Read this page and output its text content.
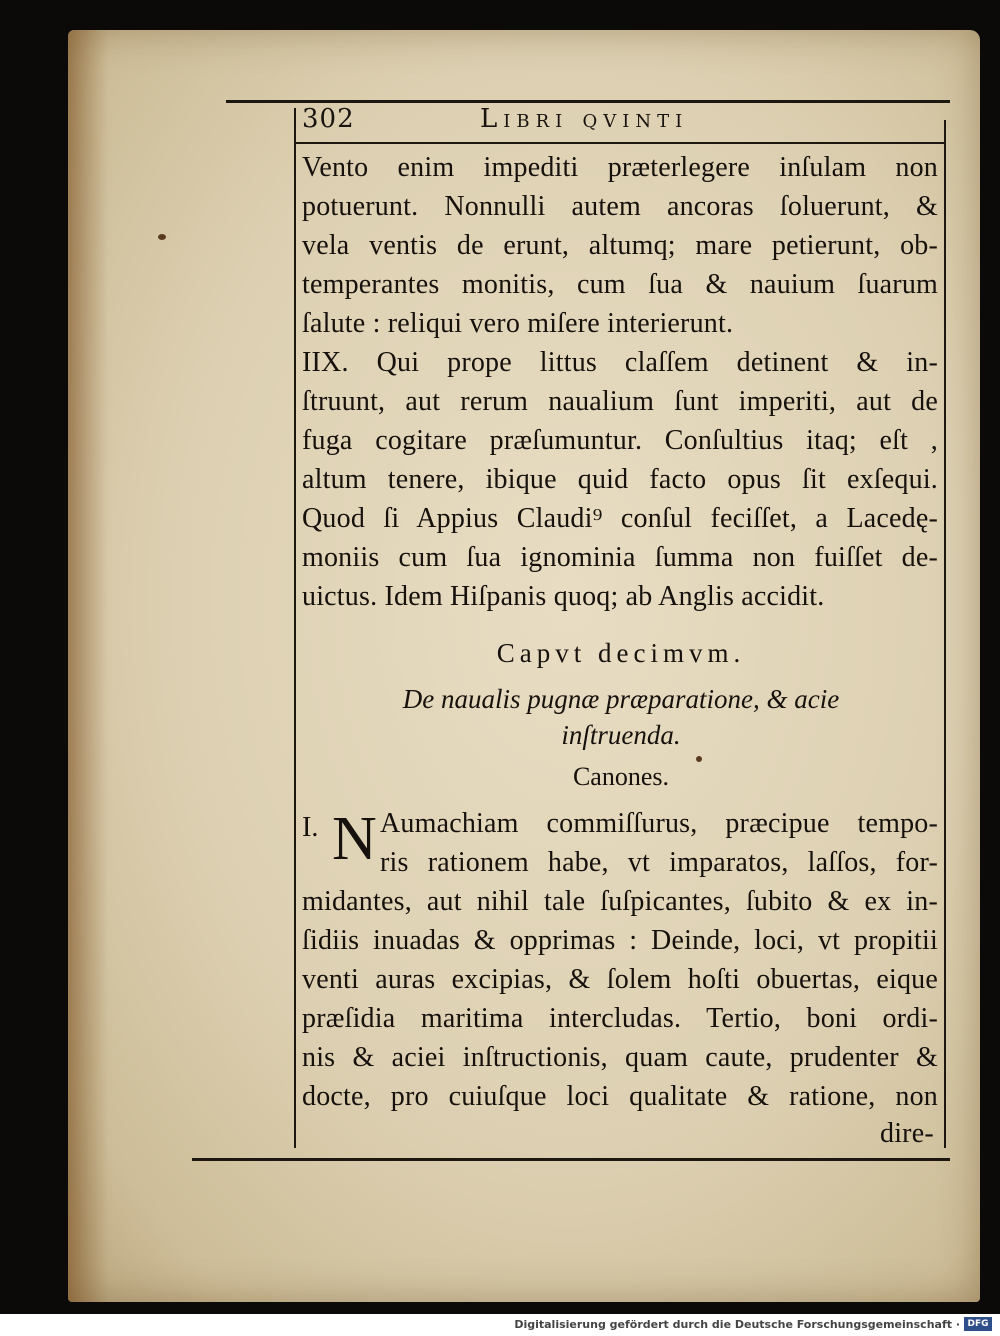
302	Libri qvinti
Vento enim impediti prӕterlegere inſulam non
potuerunt. Nonnulli autem ancoras ſoluerunt, &
vela ventis de erunt, altumq; mare petierunt, ob-
temperantes monitis, cum ſua & nauium ſuarum
ſalute : reliqui vero miſere interierunt.
IIX. Qui prope littus claſſem detinent & in-
ſtruunt, aut rerum naualium ſunt imperiti, aut de
fuga cogitare præſumuntur. Conſultius itaq; eſt ,
altum tenere, ibique quid facto opus ſit exſequi.
Quod ſi Appius Claudi⁹ conſul feciſſet, a Lacedę-
moniis cum ſua ignominia ſumma non fuiſſet de-
uictus. Idem Hiſpanis quoq; ab Anglis accidit.
Capvt decimvm.
De naualis pugnæ præparatione, & acie
inſtruenda.
Canones.
I. N Aumachiam commiſſurus, præcipue tempo-
ris rationem habe, vt imparatos, laſſos, for-
midantes, aut nihil tale ſuſpicantes, ſubito & ex in-
ſidiis inuadas & opprimas : Deinde, loci, vt propitii
venti auras excipias, & ſolem hoſti obuertas, eique
præſidia maritima intercludas. Tertio, boni ordi-
nis & aciei inſtructionis, quam caute, prudenter &
docte, pro cuiuſque loci qualitate & ratione, non
dire-
Digitalisierung gefördert durch die Deutsche Forschungsgemeinschaft · DFG
